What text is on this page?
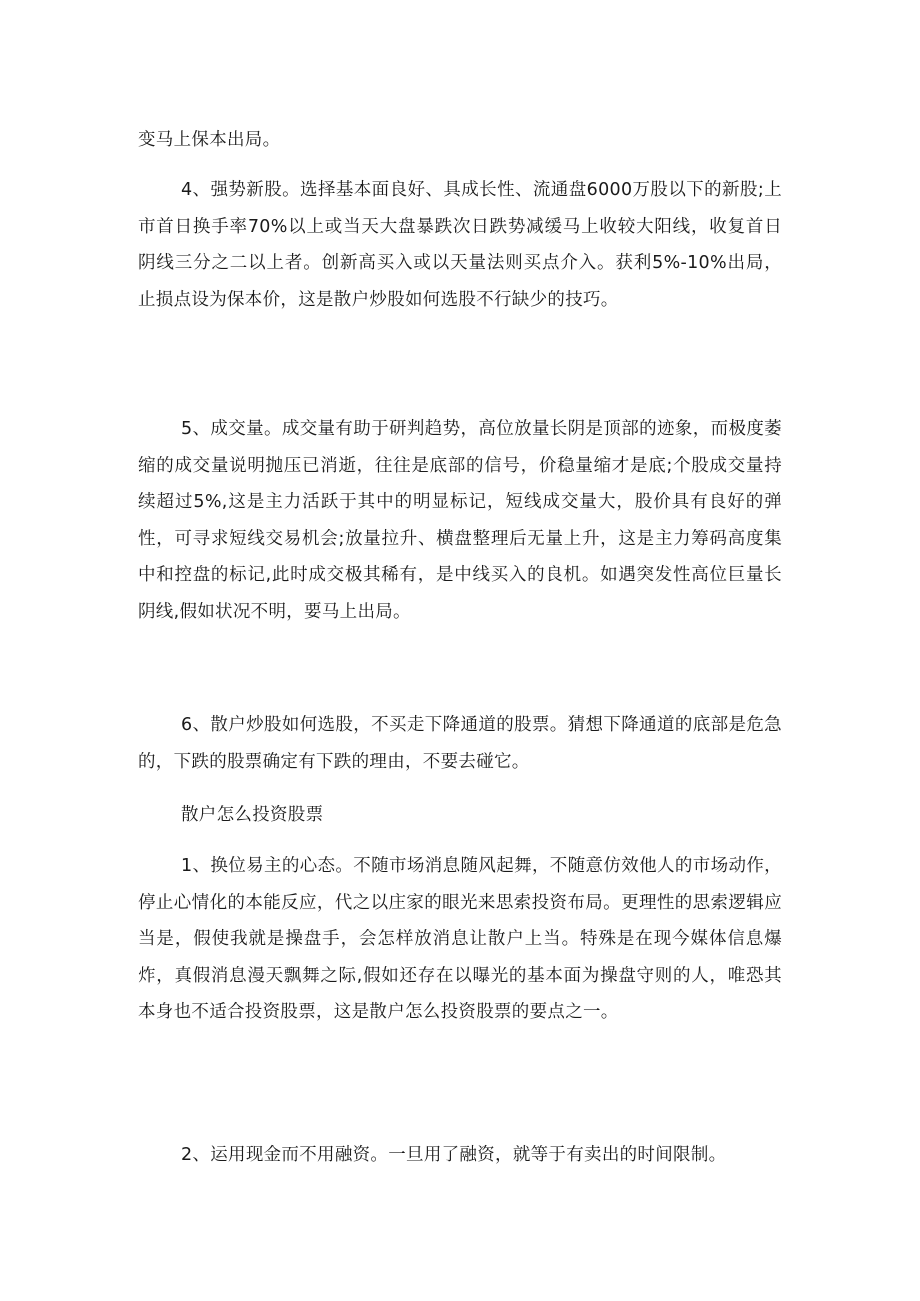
变马上保本出局。

4、强势新股。选择基本面良好、具成长性、流通盘6000万股以下的新股;上市首日换手率70%以上或当天大盘暴跌次日跌势减缓马上收较大阳线，收复首日阴线三分之二以上者。创新高买入或以天量法则买点介入。获利5%-10%出局，止损点设为保本价，这是散户炒股如何选股不行缺少的技巧。

5、成交量。成交量有助于研判趋势，高位放量长阴是顶部的迹象，而极度萎缩的成交量说明抛压已消逝，往往是底部的信号，价稳量缩才是底;个股成交量持续超过5%,这是主力活跃于其中的明显标记，短线成交量大，股价具有良好的弹性，可寻求短线交易机会;放量拉升、横盘整理后无量上升，这是主力筹码高度集中和控盘的标记,此时成交极其稀有，是中线买入的良机。如遇突发性高位巨量长阴线,假如状况不明，要马上出局。

6、散户炒股如何选股，不买走下降通道的股票。猜想下降通道的底部是危急的，下跌的股票确定有下跌的理由，不要去碰它。

散户怎么投资股票

1、换位易主的心态。不随市场消息随风起舞，不随意仿效他人的市场动作，停止心情化的本能反应，代之以庄家的眼光来思索投资布局。更理性的思索逻辑应当是，假使我就是操盘手，会怎样放消息让散户上当。特殊是在现今媒体信息爆炸，真假消息漫天飘舞之际,假如还存在以曝光的基本面为操盘守则的人，唯恐其本身也不适合投资股票，这是散户怎么投资股票的要点之一。

2、运用现金而不用融资。一旦用了融资，就等于有卖出的时间限制。
